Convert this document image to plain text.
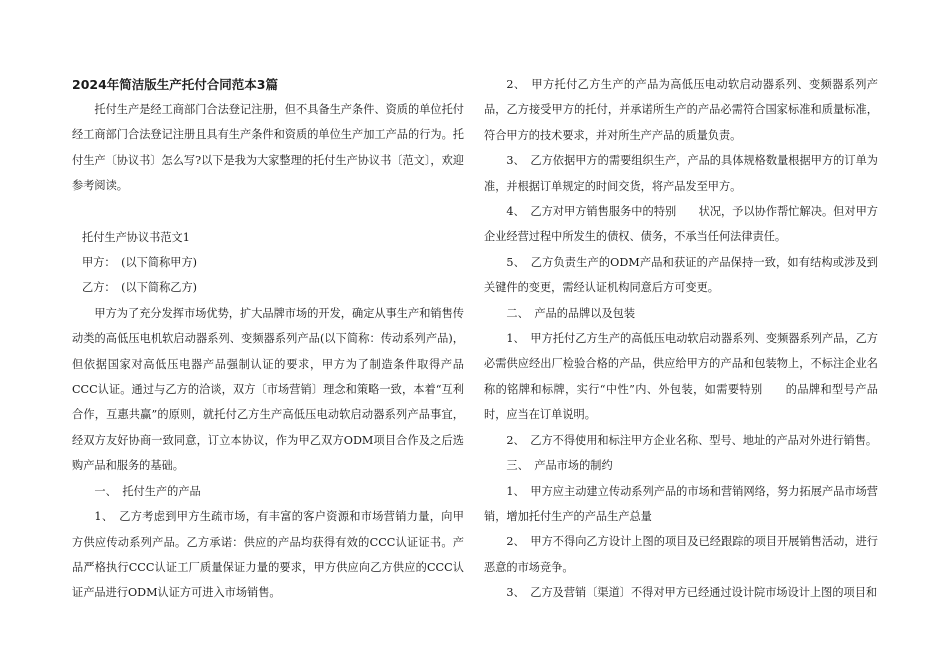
2024年简洁版生产托付合同范本3篇

托付生产是经工商部门合法登记注册，但不具备生产条件、资质的单位托付经工商部门合法登记注册且具有生产条件和资质的单位生产加工产品的行为。托付生产〔协议书〕怎么写?以下是我为大家整理的托付生产协议书〔范文〕，欢迎参考阅读。

托付生产协议书范文1

甲方：　(以下简称甲方)

乙方：　(以下简称乙方)

甲方为了充分发挥市场优势，扩大品牌市场的开发，确定从事生产和销售传动类的高低压电机软启动器系列、变频器系列产品(以下简称：传动系列产品)，但依据国家对高低压电器产品强制认证的要求，甲方为了制造条件取得产品CCC认证。通过与乙方的洽谈，双方〔市场营销〕理念和策略一致，本着“互利合作，互惠共赢”的原则，就托付乙方生产高低压电动软启动器系列产品事宜，经双方友好协商一致同意，订立本协议，作为甲乙双方ODM项目合作及之后选购产品和服务的基础。

一、　托付生产的产品

1、　乙方考虑到甲方生疏市场，有丰富的客户资源和市场营销力量，向甲方供应传动系列产品。乙方承诺：供应的产品均获得有效的CCC认证证书。产品严格执行CCC认证工厂质量保证力量的要求，甲方供应向乙方供应的CCC认证产品进行ODM认证方可进入市场销售。

2、　甲方托付乙方生产的产品为高低压电动软启动器系列、变频器系列产品，乙方接受甲方的托付，并承诺所生产的产品必需符合国家标准和质量标准，符合甲方的技术要求，并对所生产产品的质量负责。

3、　乙方依据甲方的需要组织生产，产品的具体规格数量根据甲方的订单为准，并根据订单规定的时间交货，将产品发至甲方。

4、　乙方对甲方销售服务中的特别　　状况，予以协作帮忙解决。但对甲方企业经营过程中所发生的债权、债务，不承当任何法律责任。

5、　乙方负责生产的ODM产品和获证的产品保持一致，如有结构或涉及到关键件的变更，需经认证机构同意后方可变更。

二、　产品的品牌以及包装

1、　甲方托付乙方生产的高低压电动软启动器系列、变频器系列产品，乙方必需供应经出厂检验合格的产品，供应给甲方的产品和包装物上，不标注企业名称的铭牌和标牌，实行“中性”内、外包装，如需要特别　　的品牌和型号产品时，应当在订单说明。

2、　乙方不得使用和标注甲方企业名称、型号、地址的产品对外进行销售。

三、　产品市场的制约

1、　甲方应主动建立传动系列产品的市场和营销网络，努力拓展产品市场营销，增加托付生产的产品生产总量

2、　甲方不得向乙方设计上图的项目及已经跟踪的项目开展销售活动，进行恶意的市场竞争。

3、　乙方及营销〔渠道〕不得对甲方已经通过设计院市场设计上图的项目和
